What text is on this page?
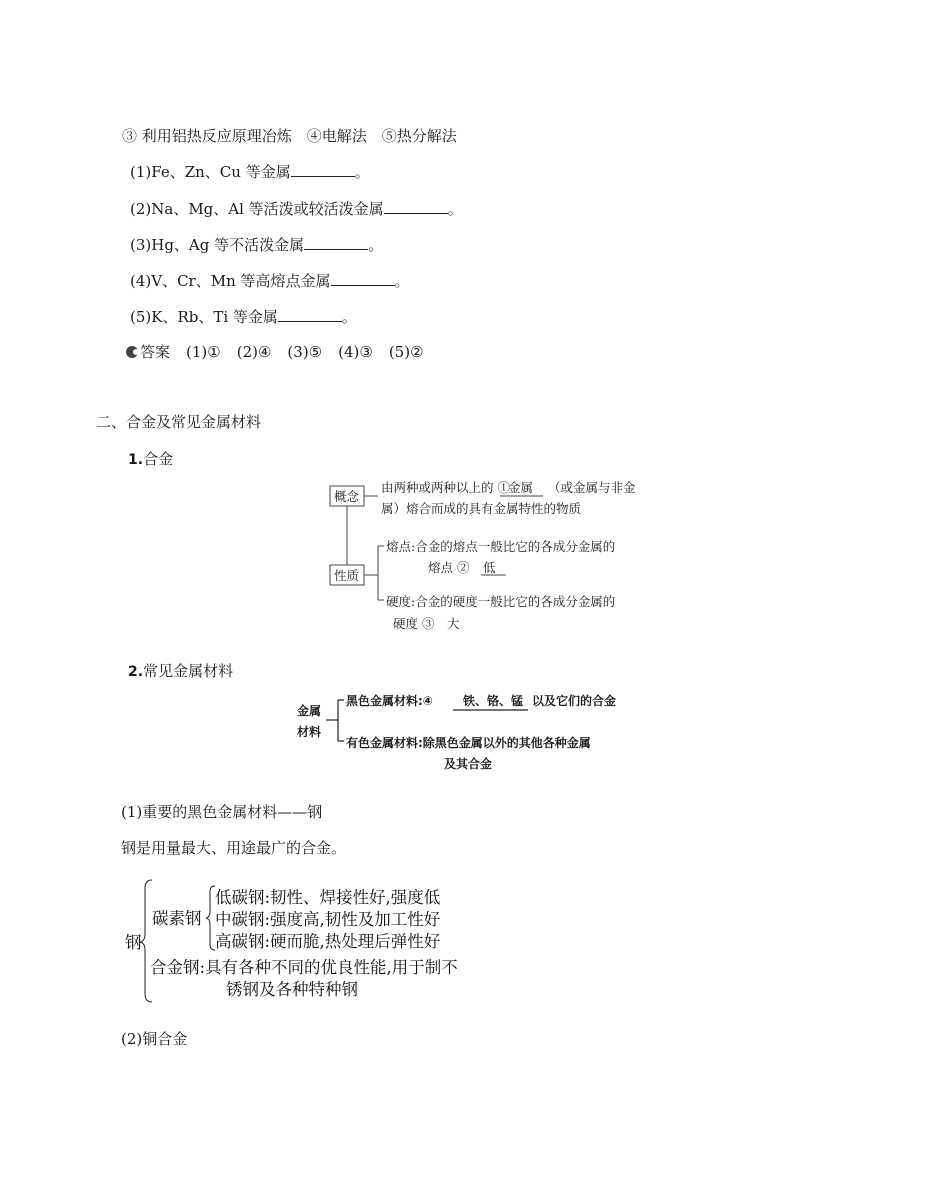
③ 利用铝热反应原理冶炼　④电解法　⑤热分解法
(1)Fe、Zn、Cu 等金属	。
(2)Na、Mg、Al 等活泼或较活泼金属	。
(3)Hg、Ag 等不活泼金属	。
(4)V、Cr、Mn 等高熔点金属	。
(5)K、Rb、Ti 等金属	。
答案 (1)① (2)④ (3)⑤ (4)③ (5)②
二、合金及常见金属材料
1.合金
概念
性质
由两种或两种以上的 ①
金属 （或金属与非金
属）熔合而成的具有金属特性的物质
熔点:合金的熔点一般比它的各成分金属的
熔点 ② 低
硬度:合金的硬度一般比它的各成分金属的
硬度 ③ 大
2.常见金属材料
金属
材料
黑色金属材料:④	铁、铬、锰 以及它们的合金
有色金属材料:除黑色金属以外的其他各种金属
及其合金
(1)重要的黑色金属材料——钢
钢是用量最大、用途最广的合金。
钢
碳素钢
低碳钢:韧性、焊接性好,强度低
中碳钢:强度高,韧性及加工性好
高碳钢:硬而脆,热处理后弹性好
合金钢:具有各种不同的优良性能,用于制不
锈钢及各种特种钢
(2)铜合金
